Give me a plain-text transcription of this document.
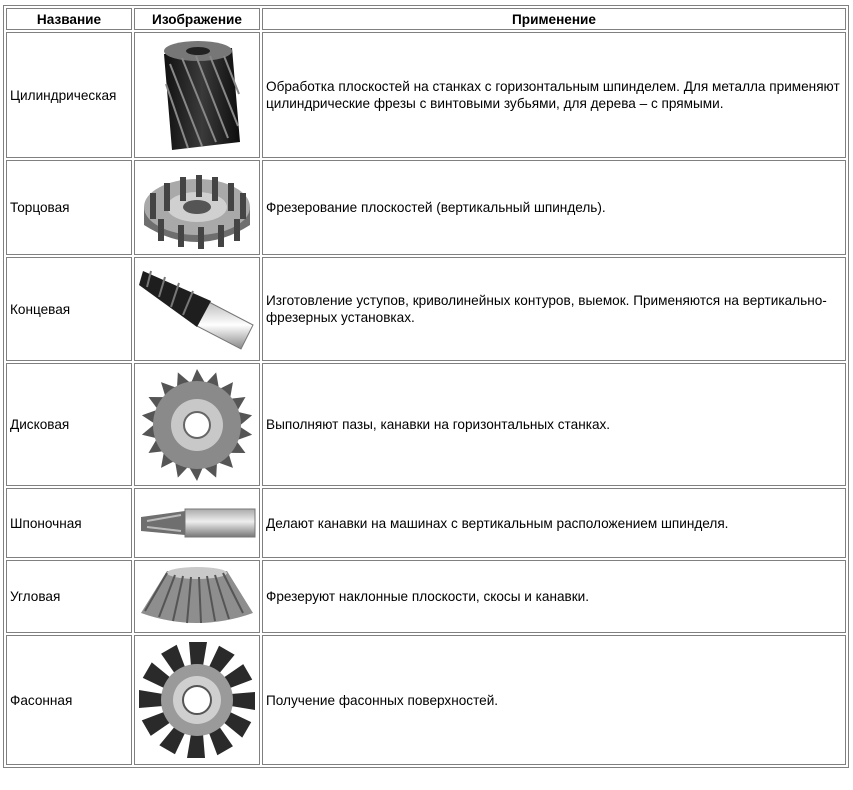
Название	Изображение	Применение
Цилиндрическая		Обработка плоскостей на станках с горизонтальным шпинделем. Для металла применяют цилиндрические фрезы с винтовыми зубьями, для дерева – с прямыми.
Торцовая		Фрезерование плоскостей (вертикальный шпиндель).
Концевая		Изготовление уступов, криволинейных контуров, выемок. Применяются на вертикально-фрезерных установках.
Дисковая		Выполняют пазы, канавки на горизонтальных станках.
Шпоночная		Делают канавки на машинах с вертикальным расположением шпинделя.
Угловая		Фрезеруют наклонные плоскости, скосы и канавки.
Фасонная		Получение фасонных поверхностей.
